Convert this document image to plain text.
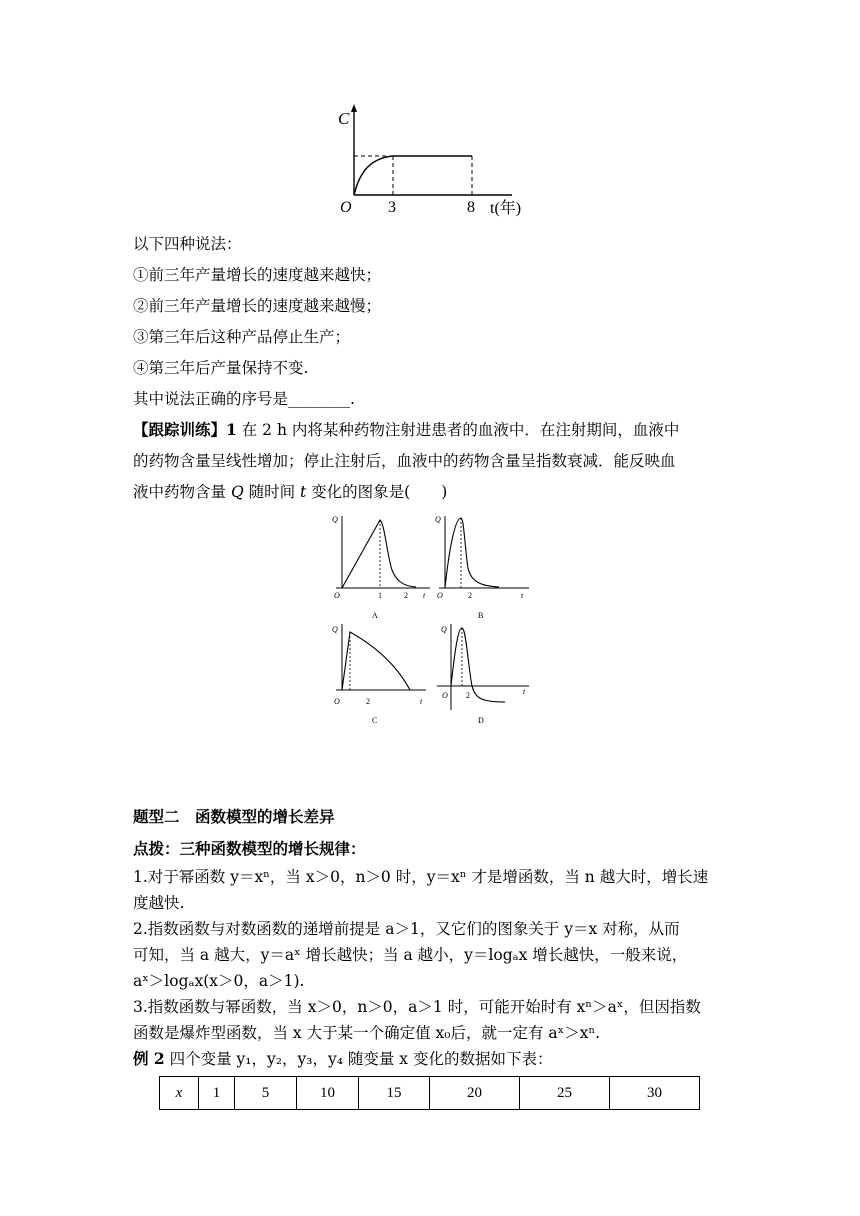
C
O 3	8 t(年)
以下四种说法：
①前三年产量增长的速度越来越快；
②前三年产量增长的速度越来越慢；
③第三年后这种产品停止生产；
④第三年后产量保持不变.
其中说法正确的序号是________.
【跟踪训练】1 在 2 h 内将某种药物注射进患者的血液中．在注射期间，血液中
的药物含量呈线性增加；停止注射后，血液中的药物含量呈指数衰减．能反映血
液中药物含量 Q 随时间 t 变化的图象是(　　)
Q
O	1	2 t
A
Q
O	2	t
B
Q
O	2	t
C
Q
O 2	t
D
题型二　函数模型的增长差异
点拨：三种函数模型的增长规律：
1.对于幂函数 y＝xⁿ，当 x＞0，n＞0 时，y＝xⁿ 才是增函数，当 n 越大时，增长速
度越快.
2.指数函数与对数函数的递增前提是 a＞1，又它们的图象关于 y＝x 对称，从而
可知，当 a 越大，y＝aˣ 增长越快；当 a 越小，y＝logₐx 增长越快，一般来说，
aˣ＞logₐx(x＞0，a＞1).
3.指数函数与幂函数，当 x＞0，n＞0，a＞1 时，可能开始时有 xⁿ＞aˣ，但因指数
函数是爆炸型函数，当 x 大于某一个确定值 x₀后，就一定有 aˣ＞xⁿ.
例 2 四个变量 y₁，y₂，y₃，y₄ 随变量 x 变化的数据如下表：
x	1	5	10	15	20	25	30
